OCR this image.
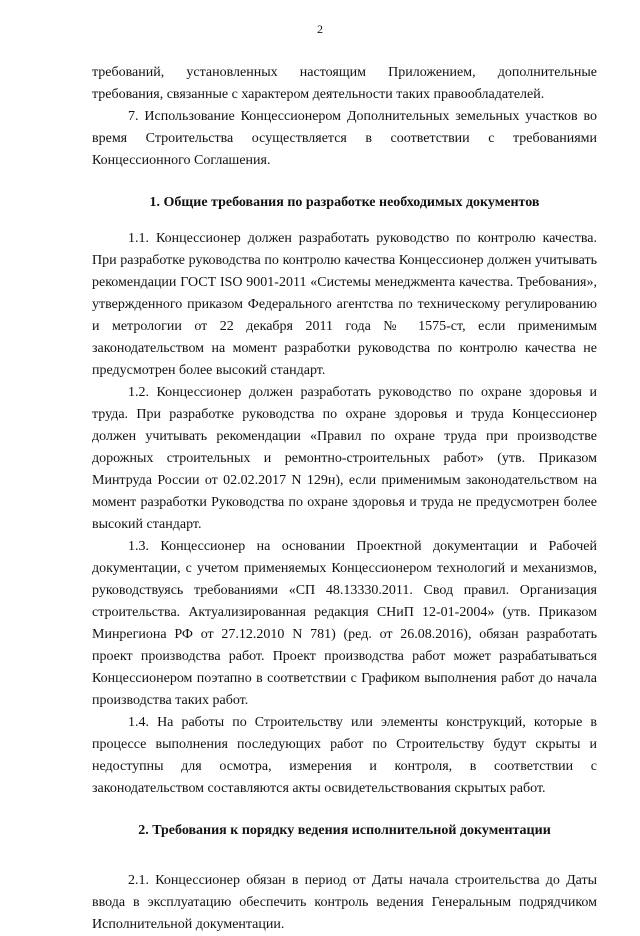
2

требований, установленных настоящим Приложением, дополнительные требования, связанные с характером деятельности таких правообладателей.

7. Использование Концессионером Дополнительных земельных участков во время Строительства осуществляется в соответствии с требованиями Концессионного Соглашения.

1. Общие требования по разработке необходимых документов

1.1. Концессионер должен разработать руководство по контролю качества. При разработке руководства по контролю качества Концессионер должен учитывать рекомендации ГОСТ ISO 9001-2011 «Системы менеджмента качества. Требования», утвержденного приказом Федерального агентства по техническому регулированию и метрологии от 22 декабря 2011 года № 1575-ст, если применимым законодательством на момент разработки руководства по контролю качества не предусмотрен более высокий стандарт.

1.2. Концессионер должен разработать руководство по охране здоровья и труда. При разработке руководства по охране здоровья и труда Концессионер должен учитывать рекомендации «Правил по охране труда при производстве дорожных строительных и ремонтно-строительных работ» (утв. Приказом Минтруда России от 02.02.2017 N 129н), если применимым законодательством на момент разработки Руководства по охране здоровья и труда не предусмотрен более высокий стандарт.

1.3. Концессионер на основании Проектной документации и Рабочей документации, с учетом применяемых Концессионером технологий и механизмов, руководствуясь требованиями «СП 48.13330.2011. Свод правил. Организация строительства. Актуализированная редакция СНиП 12-01-2004» (утв. Приказом Минрегиона РФ от 27.12.2010 N 781) (ред. от 26.08.2016), обязан разработать проект производства работ. Проект производства работ может разрабатываться Концессионером поэтапно в соответствии с Графиком выполнения работ до начала производства таких работ.

1.4. На работы по Строительству или элементы конструкций, которые в процессе выполнения последующих работ по Строительству будут скрыты и недоступны для осмотра, измерения и контроля, в соответствии с законодательством составляются акты освидетельствования скрытых работ.

2. Требования к порядку ведения исполнительной документации

2.1. Концессионер обязан в период от Даты начала строительства до Даты ввода в эксплуатацию обеспечить контроль ведения Генеральным подрядчиком Исполнительной документации.
